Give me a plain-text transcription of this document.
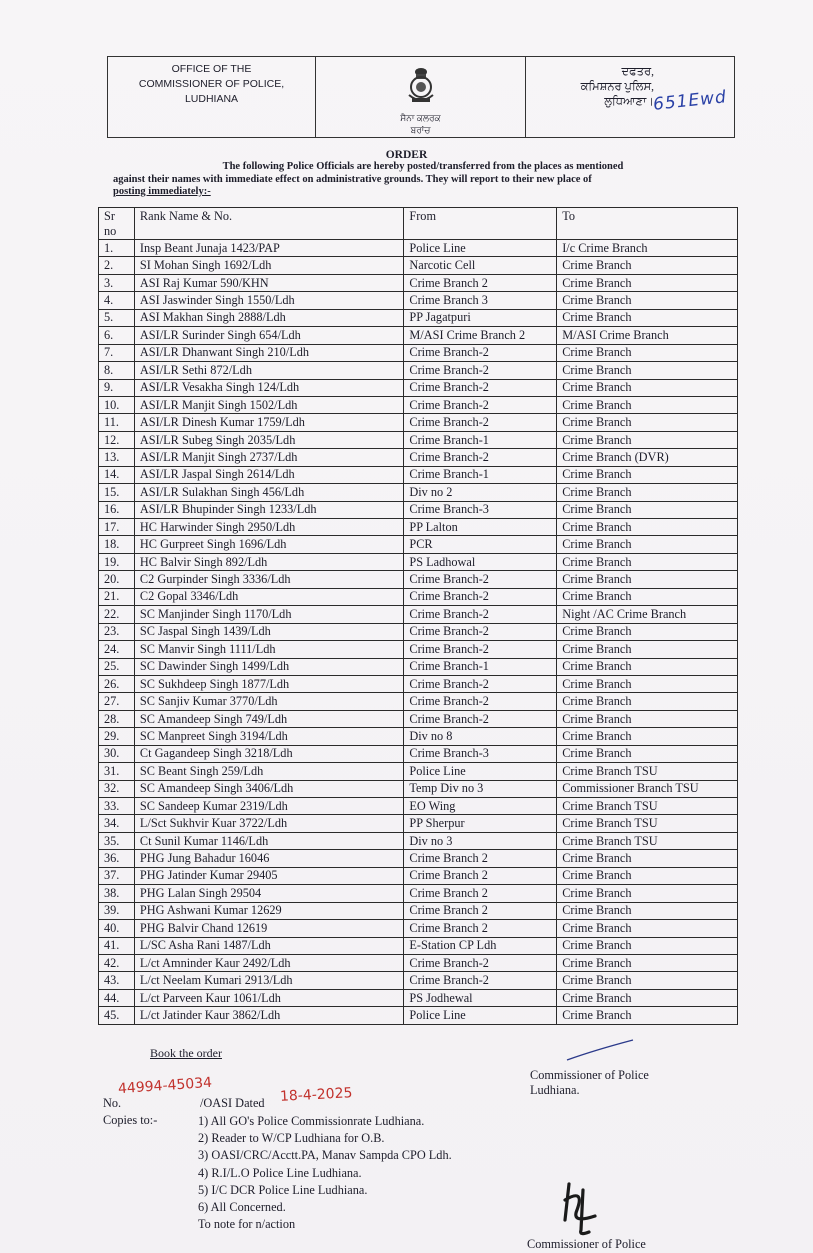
OFFICE OF THE
COMMISSIONER OF POLICE,
LUDHIANA
ਸੈਨਾ ਕਲਰਕ
ਬਰਾਂਚ
ਦਫਤਰ,
ਕਮਿਸ਼ਨਰ ਪੁਲਿਸ,
ਲੁਧਿਆਣਾ।
651Ewd
ORDER
The following Police Officials are hereby posted/transferred from the places as mentioned
against their names with immediate effect on administrative grounds. They will report to their new place of
posting immediately:-
Sr no	Rank Name & No.	From	To
1.	Insp Beant Junaja 1423/PAP	Police Line	I/c Crime Branch
2.	SI Mohan Singh 1692/Ldh	Narcotic Cell	Crime Branch
3.	ASI Raj Kumar 590/KHN	Crime Branch 2	Crime Branch
4.	ASI Jaswinder Singh 1550/Ldh	Crime Branch 3	Crime Branch
5.	ASI Makhan Singh 2888/Ldh	PP Jagatpuri	Crime Branch
6.	ASI/LR Surinder Singh 654/Ldh	M/ASI Crime Branch 2	M/ASI Crime Branch
7.	ASI/LR Dhanwant Singh 210/Ldh	Crime Branch-2	Crime Branch
8.	ASI/LR Sethi 872/Ldh	Crime Branch-2	Crime Branch
9.	ASI/LR Vesakha Singh 124/Ldh	Crime Branch-2	Crime Branch
10.	ASI/LR Manjit Singh 1502/Ldh	Crime Branch-2	Crime Branch
11.	ASI/LR Dinesh Kumar 1759/Ldh	Crime Branch-2	Crime Branch
12.	ASI/LR Subeg Singh 2035/Ldh	Crime Branch-1	Crime Branch
13.	ASI/LR Manjit Singh 2737/Ldh	Crime Branch-2	Crime Branch (DVR)
14.	ASI/LR Jaspal Singh 2614/Ldh	Crime Branch-1	Crime Branch
15.	ASI/LR Sulakhan Singh 456/Ldh	Div no 2	Crime Branch
16.	ASI/LR Bhupinder Singh 1233/Ldh	Crime Branch-3	Crime Branch
17.	HC Harwinder Singh 2950/Ldh	PP Lalton	Crime Branch
18.	HC Gurpreet Singh 1696/Ldh	PCR	Crime Branch
19.	HC Balvir Singh 892/Ldh	PS Ladhowal	Crime Branch
20.	C2 Gurpinder Singh 3336/Ldh	Crime Branch-2	Crime Branch
21.	C2 Gopal 3346/Ldh	Crime Branch-2	Crime Branch
22.	SC Manjinder Singh 1170/Ldh	Crime Branch-2	Night /AC Crime Branch
23.	SC Jaspal Singh 1439/Ldh	Crime Branch-2	Crime Branch
24.	SC Manvir Singh 1111/Ldh	Crime Branch-2	Crime Branch
25.	SC Dawinder Singh 1499/Ldh	Crime Branch-1	Crime Branch
26.	SC Sukhdeep Singh 1877/Ldh	Crime Branch-2	Crime Branch
27.	SC Sanjiv Kumar 3770/Ldh	Crime Branch-2	Crime Branch
28.	SC Amandeep Singh 749/Ldh	Crime Branch-2	Crime Branch
29.	SC Manpreet Singh 3194/Ldh	Div no 8	Crime Branch
30.	Ct Gagandeep Singh 3218/Ldh	Crime Branch-3	Crime Branch
31.	SC Beant Singh 259/Ldh	Police Line	Crime Branch TSU
32.	SC Amandeep Singh 3406/Ldh	Temp Div no 3	Commissioner Branch TSU
33.	SC Sandeep Kumar 2319/Ldh	EO Wing	Crime Branch TSU
34.	L/Sct Sukhvir Kuar 3722/Ldh	PP Sherpur	Crime Branch TSU
35.	Ct Sunil Kumar 1146/Ldh	Div no 3	Crime Branch TSU
36.	PHG Jung Bahadur 16046	Crime Branch 2	Crime Branch
37.	PHG Jatinder Kumar 29405	Crime Branch 2	Crime Branch
38.	PHG Lalan Singh 29504	Crime Branch 2	Crime Branch
39.	PHG Ashwani Kumar 12629	Crime Branch 2	Crime Branch
40.	PHG Balvir Chand 12619	Crime Branch 2	Crime Branch
41.	L/SC Asha Rani 1487/Ldh	E-Station CP Ldh	Crime Branch
42.	L/ct Amninder Kaur 2492/Ldh	Crime Branch-2	Crime Branch
43.	L/ct Neelam Kumari 2913/Ldh	Crime Branch-2	Crime Branch
44.	L/ct Parveen Kaur 1061/Ldh	PS Jodhewal	Crime Branch
45.	L/ct Jatinder Kaur 3862/Ldh	Police Line	Crime Branch
Book the order
Commissioner of Police
Ludhiana.
44994-45034
No.	/OASI Dated 18-4-2025
Copies to:-	1) All GO's Police Commissionrate Ludhiana.
2) Reader to W/CP Ludhiana for O.B.
3) OASI/CRC/Acctt.PA, Manav Sampda CPO Ldh.
4) R.I/L.O Police Line Ludhiana.
5) I/C DCR Police Line Ludhiana.
6) All Concerned.
To note for n/action
Commissioner of Police
